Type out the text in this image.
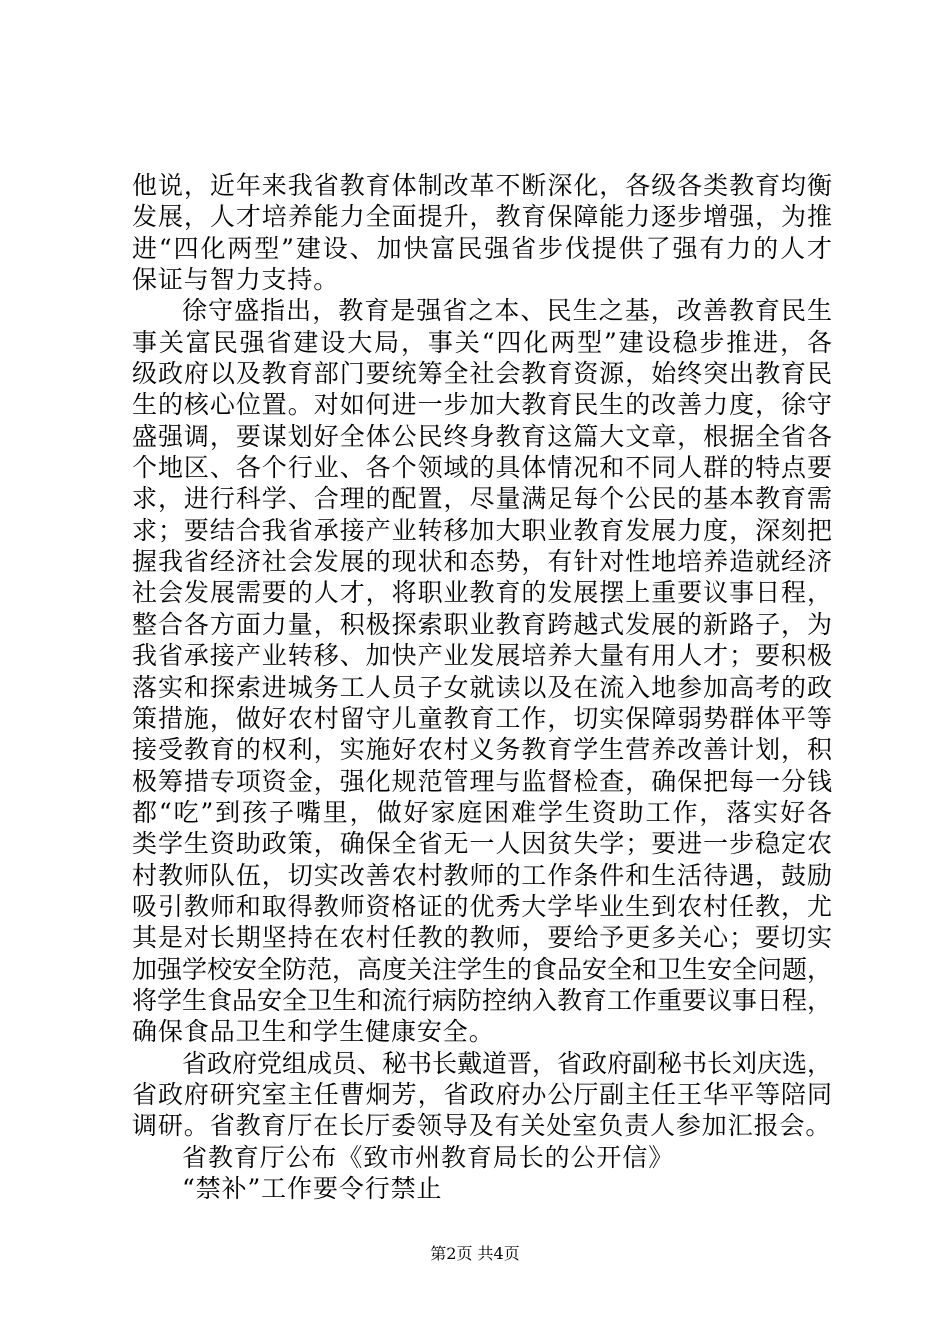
他说，近年来我省教育体制改革不断深化，各级各类教育均衡
发展，人才培养能力全面提升，教育保障能力逐步增强，为推
进“四化两型”建设、加快富民强省步伐提供了强有力的人才
保证与智力支持。
徐守盛指出，教育是强省之本、民生之基，改善教育民生
事关富民强省建设大局，事关“四化两型”建设稳步推进，各
级政府以及教育部门要统筹全社会教育资源，始终突出教育民
生的核心位置。对如何进一步加大教育民生的改善力度，徐守
盛强调，要谋划好全体公民终身教育这篇大文章，根据全省各
个地区、各个行业、各个领域的具体情况和不同人群的特点要
求，进行科学、合理的配置，尽量满足每个公民的基本教育需
求；要结合我省承接产业转移加大职业教育发展力度，深刻把
握我省经济社会发展的现状和态势，有针对性地培养造就经济
社会发展需要的人才，将职业教育的发展摆上重要议事日程，
整合各方面力量，积极探索职业教育跨越式发展的新路子，为
我省承接产业转移、加快产业发展培养大量有用人才；要积极
落实和探索进城务工人员子女就读以及在流入地参加高考的政
策措施，做好农村留守儿童教育工作，切实保障弱势群体平等
接受教育的权利，实施好农村义务教育学生营养改善计划，积
极筹措专项资金，强化规范管理与监督检查，确保把每一分钱
都“吃”到孩子嘴里，做好家庭困难学生资助工作，落实好各
类学生资助政策，确保全省无一人因贫失学；要进一步稳定农
村教师队伍，切实改善农村教师的工作条件和生活待遇，鼓励
吸引教师和取得教师资格证的优秀大学毕业生到农村任教，尤
其是对长期坚持在农村任教的教师，要给予更多关心；要切实
加强学校安全防范，高度关注学生的食品安全和卫生安全问题，
将学生食品安全卫生和流行病防控纳入教育工作重要议事日程，
确保食品卫生和学生健康安全。
省政府党组成员、秘书长戴道晋，省政府副秘书长刘庆选，
省政府研究室主任曹炯芳，省政府办公厅副主任王华平等陪同
调研。省教育厅在长厅委领导及有关处室负责人参加汇报会。
省教育厅公布《致市州教育局长的公开信》
“禁补”工作要令行禁止
第2页 共4页
